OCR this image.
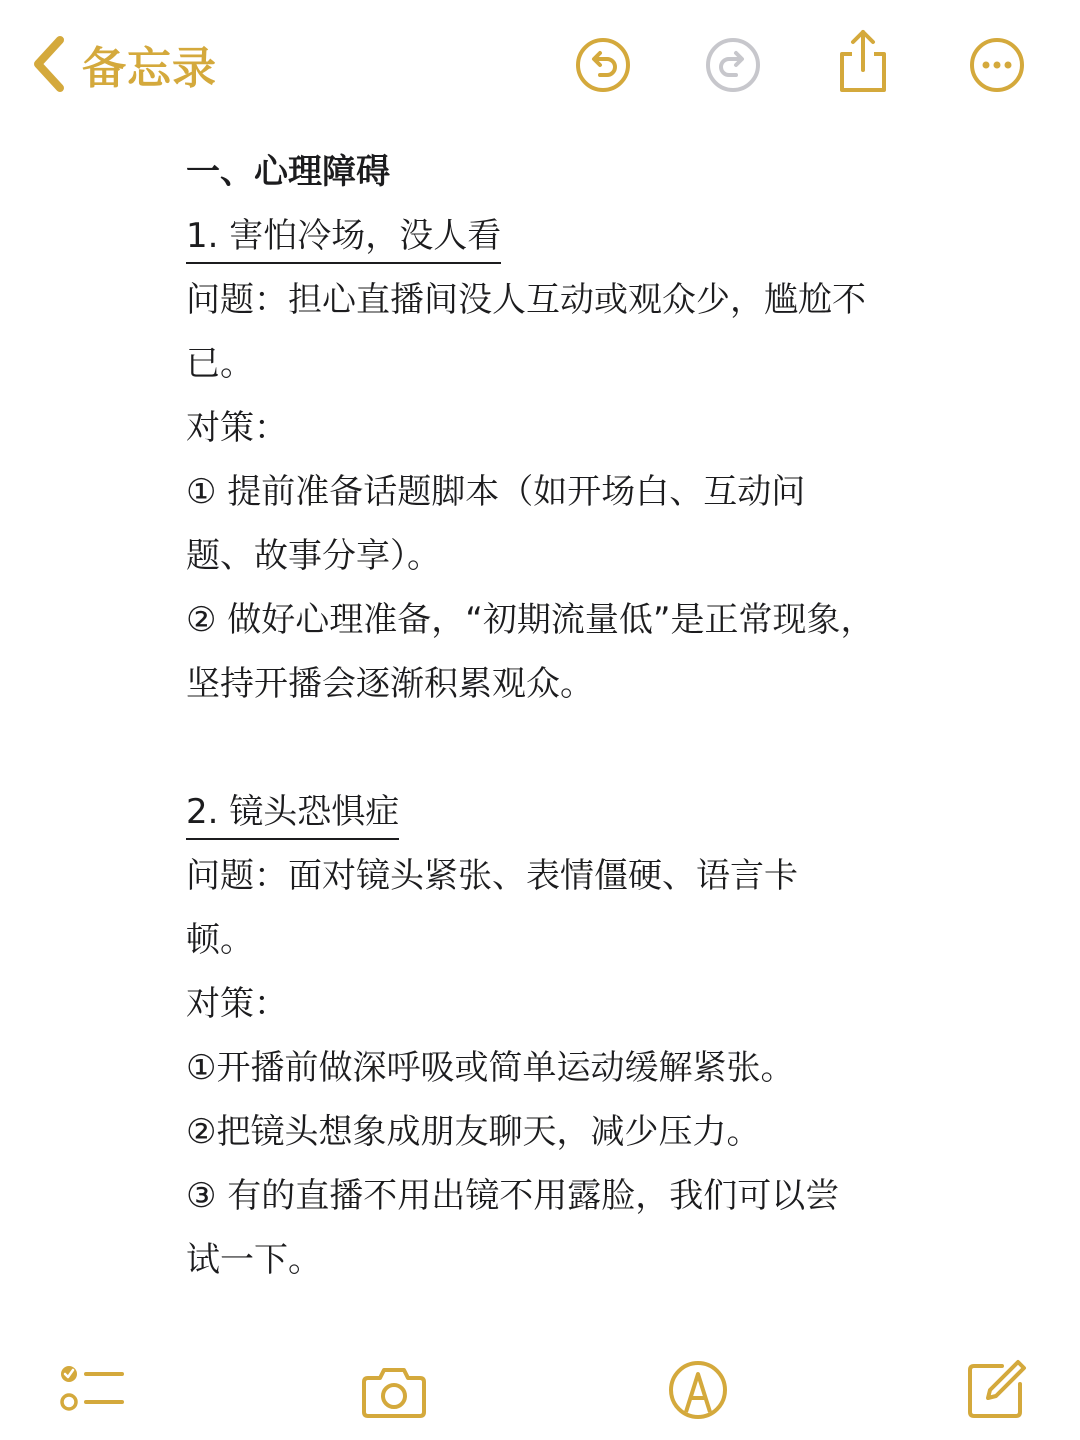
备忘录
一、心理障碍
1. 害怕冷场，没人看
问题：担心直播间没人互动或观众少，尴尬不
已。
对策：
① 提前准备话题脚本（如开场白、互动问
题、故事分享）。
② 做好心理准备，“初期流量低”是正常现象，
坚持开播会逐渐积累观众。
2. 镜头恐惧症
问题：面对镜头紧张、表情僵硬、语言卡
顿。
对策：
①开播前做深呼吸或简单运动缓解紧张。
②把镜头想象成朋友聊天，减少压力。
③ 有的直播不用出镜不用露脸，我们可以尝
试一下。
